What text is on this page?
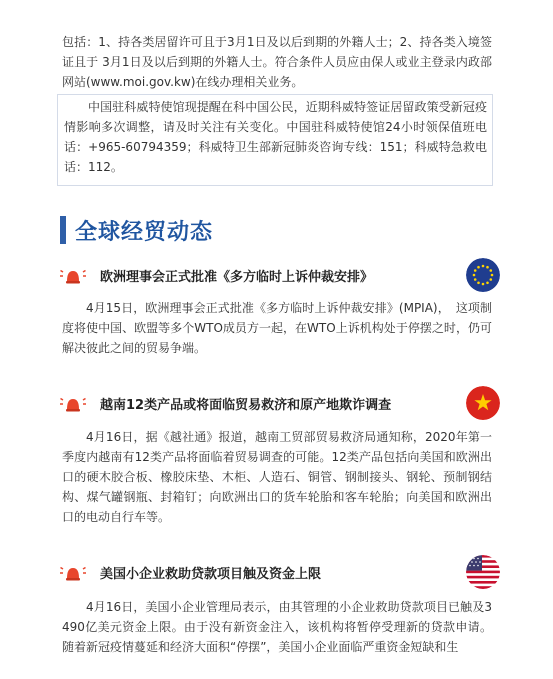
包括：1、持各类居留许可且于3月1日及以后到期的外籍人士；2、持各类入境签证且于 3月1日及以后到期的外籍人士。符合条件人员应由保人或业主登录内政部网站(www.moi.gov.kw)在线办理相关业务。

中国驻科威特使馆现提醒在科中国公民，近期科威特签证居留政策受新冠疫情影响多次调整，请及时关注有关变化。中国驻科威特使馆24小时领保值班电话：+965-60794359；科威特卫生部新冠肺炎咨询专线：151；科威特急救电话：112。

全球经贸动态
欧洲理事会正式批准《多方临时上诉仲裁安排》

4月15日，欧洲理事会正式批准《多方临时上诉仲裁安排》(MPIA)，　这项制度将使中国、欧盟等多个WTO成员方一起，在WTO上诉机构处于停摆之时，仍可解决彼此之间的贸易争端。

越南12类产品或将面临贸易救济和原产地欺诈调查

4月16日，据《越社通》报道，越南工贸部贸易救济局通知称，2020年第一季度内越南有12类产品将面临着贸易调查的可能。12类产品包括向美国和欧洲出口的硬木胶合板、橡胶床垫、木柜、人造石、铜管、钢制接头、钢轮、预制钢结构、煤气罐钢瓶、封箱钉；向欧洲出口的货车轮胎和客车轮胎；向美国和欧洲出口的电动自行车等。

美国小企业救助贷款项目触及资金上限

4月16日，美国小企业管理局表示，由其管理的小企业救助贷款项目已触及3490亿美元资金上限。由于没有新资金注入，该机构将暂停受理新的贷款申请。随着新冠疫情蔓延和经济大面积“停摆”，美国小企业面临严重资金短缺和生
